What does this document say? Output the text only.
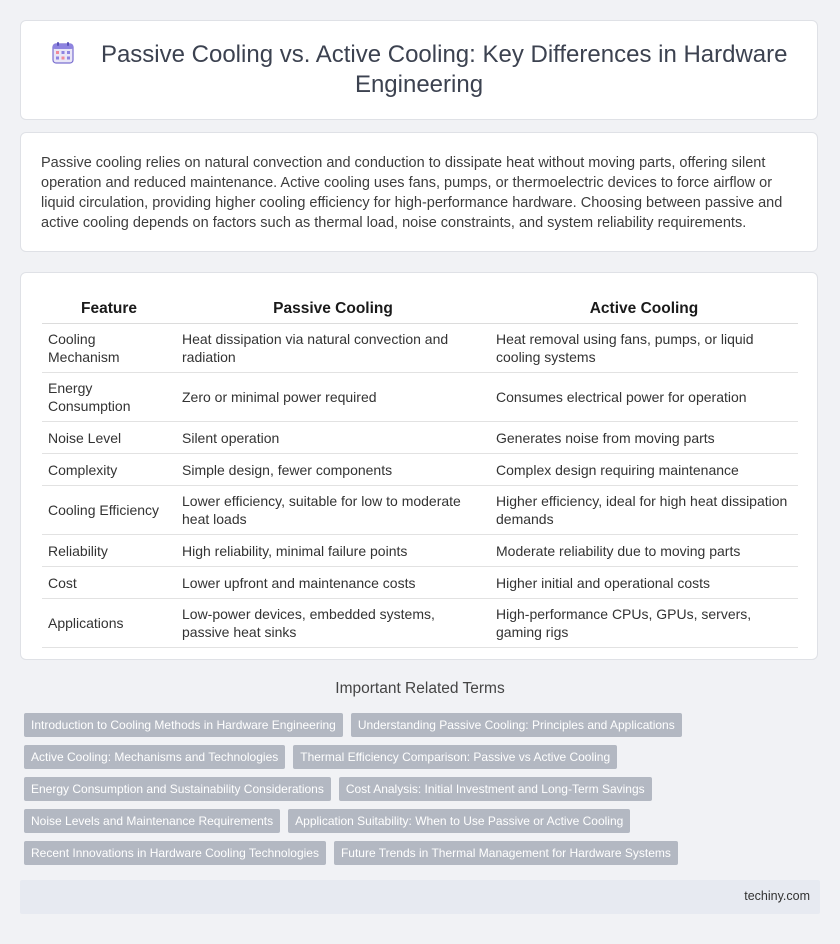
Passive Cooling vs. Active Cooling: Key Differences in Hardware Engineering

Passive cooling relies on natural convection and conduction to dissipate heat without moving parts, offering silent operation and reduced maintenance. Active cooling uses fans, pumps, or thermoelectric devices to force airflow or liquid circulation, providing higher cooling efficiency for high-performance hardware. Choosing between passive and active cooling depends on factors such as thermal load, noise constraints, and system reliability requirements.

Feature	Passive Cooling	Active Cooling
Cooling Mechanism	Heat dissipation via natural convection and radiation	Heat removal using fans, pumps, or liquid cooling systems
Energy Consumption	Zero or minimal power required	Consumes electrical power for operation
Noise Level	Silent operation	Generates noise from moving parts
Complexity	Simple design, fewer components	Complex design requiring maintenance
Cooling Efficiency	Lower efficiency, suitable for low to moderate heat loads	Higher efficiency, ideal for high heat dissipation demands
Reliability	High reliability, minimal failure points	Moderate reliability due to moving parts
Cost	Lower upfront and maintenance costs	Higher initial and operational costs
Applications	Low-power devices, embedded systems, passive heat sinks	High-performance CPUs, GPUs, servers, gaming rigs
Important Related Terms
Introduction to Cooling Methods in Hardware Engineering	Understanding Passive Cooling: Principles and Applications
Active Cooling: Mechanisms and Technologies	Thermal Efficiency Comparison: Passive vs Active Cooling
Energy Consumption and Sustainability Considerations	Cost Analysis: Initial Investment and Long-Term Savings
Noise Levels and Maintenance Requirements	Application Suitability: When to Use Passive or Active Cooling
Recent Innovations in Hardware Cooling Technologies	Future Trends in Thermal Management for Hardware Systems
techiny.com
